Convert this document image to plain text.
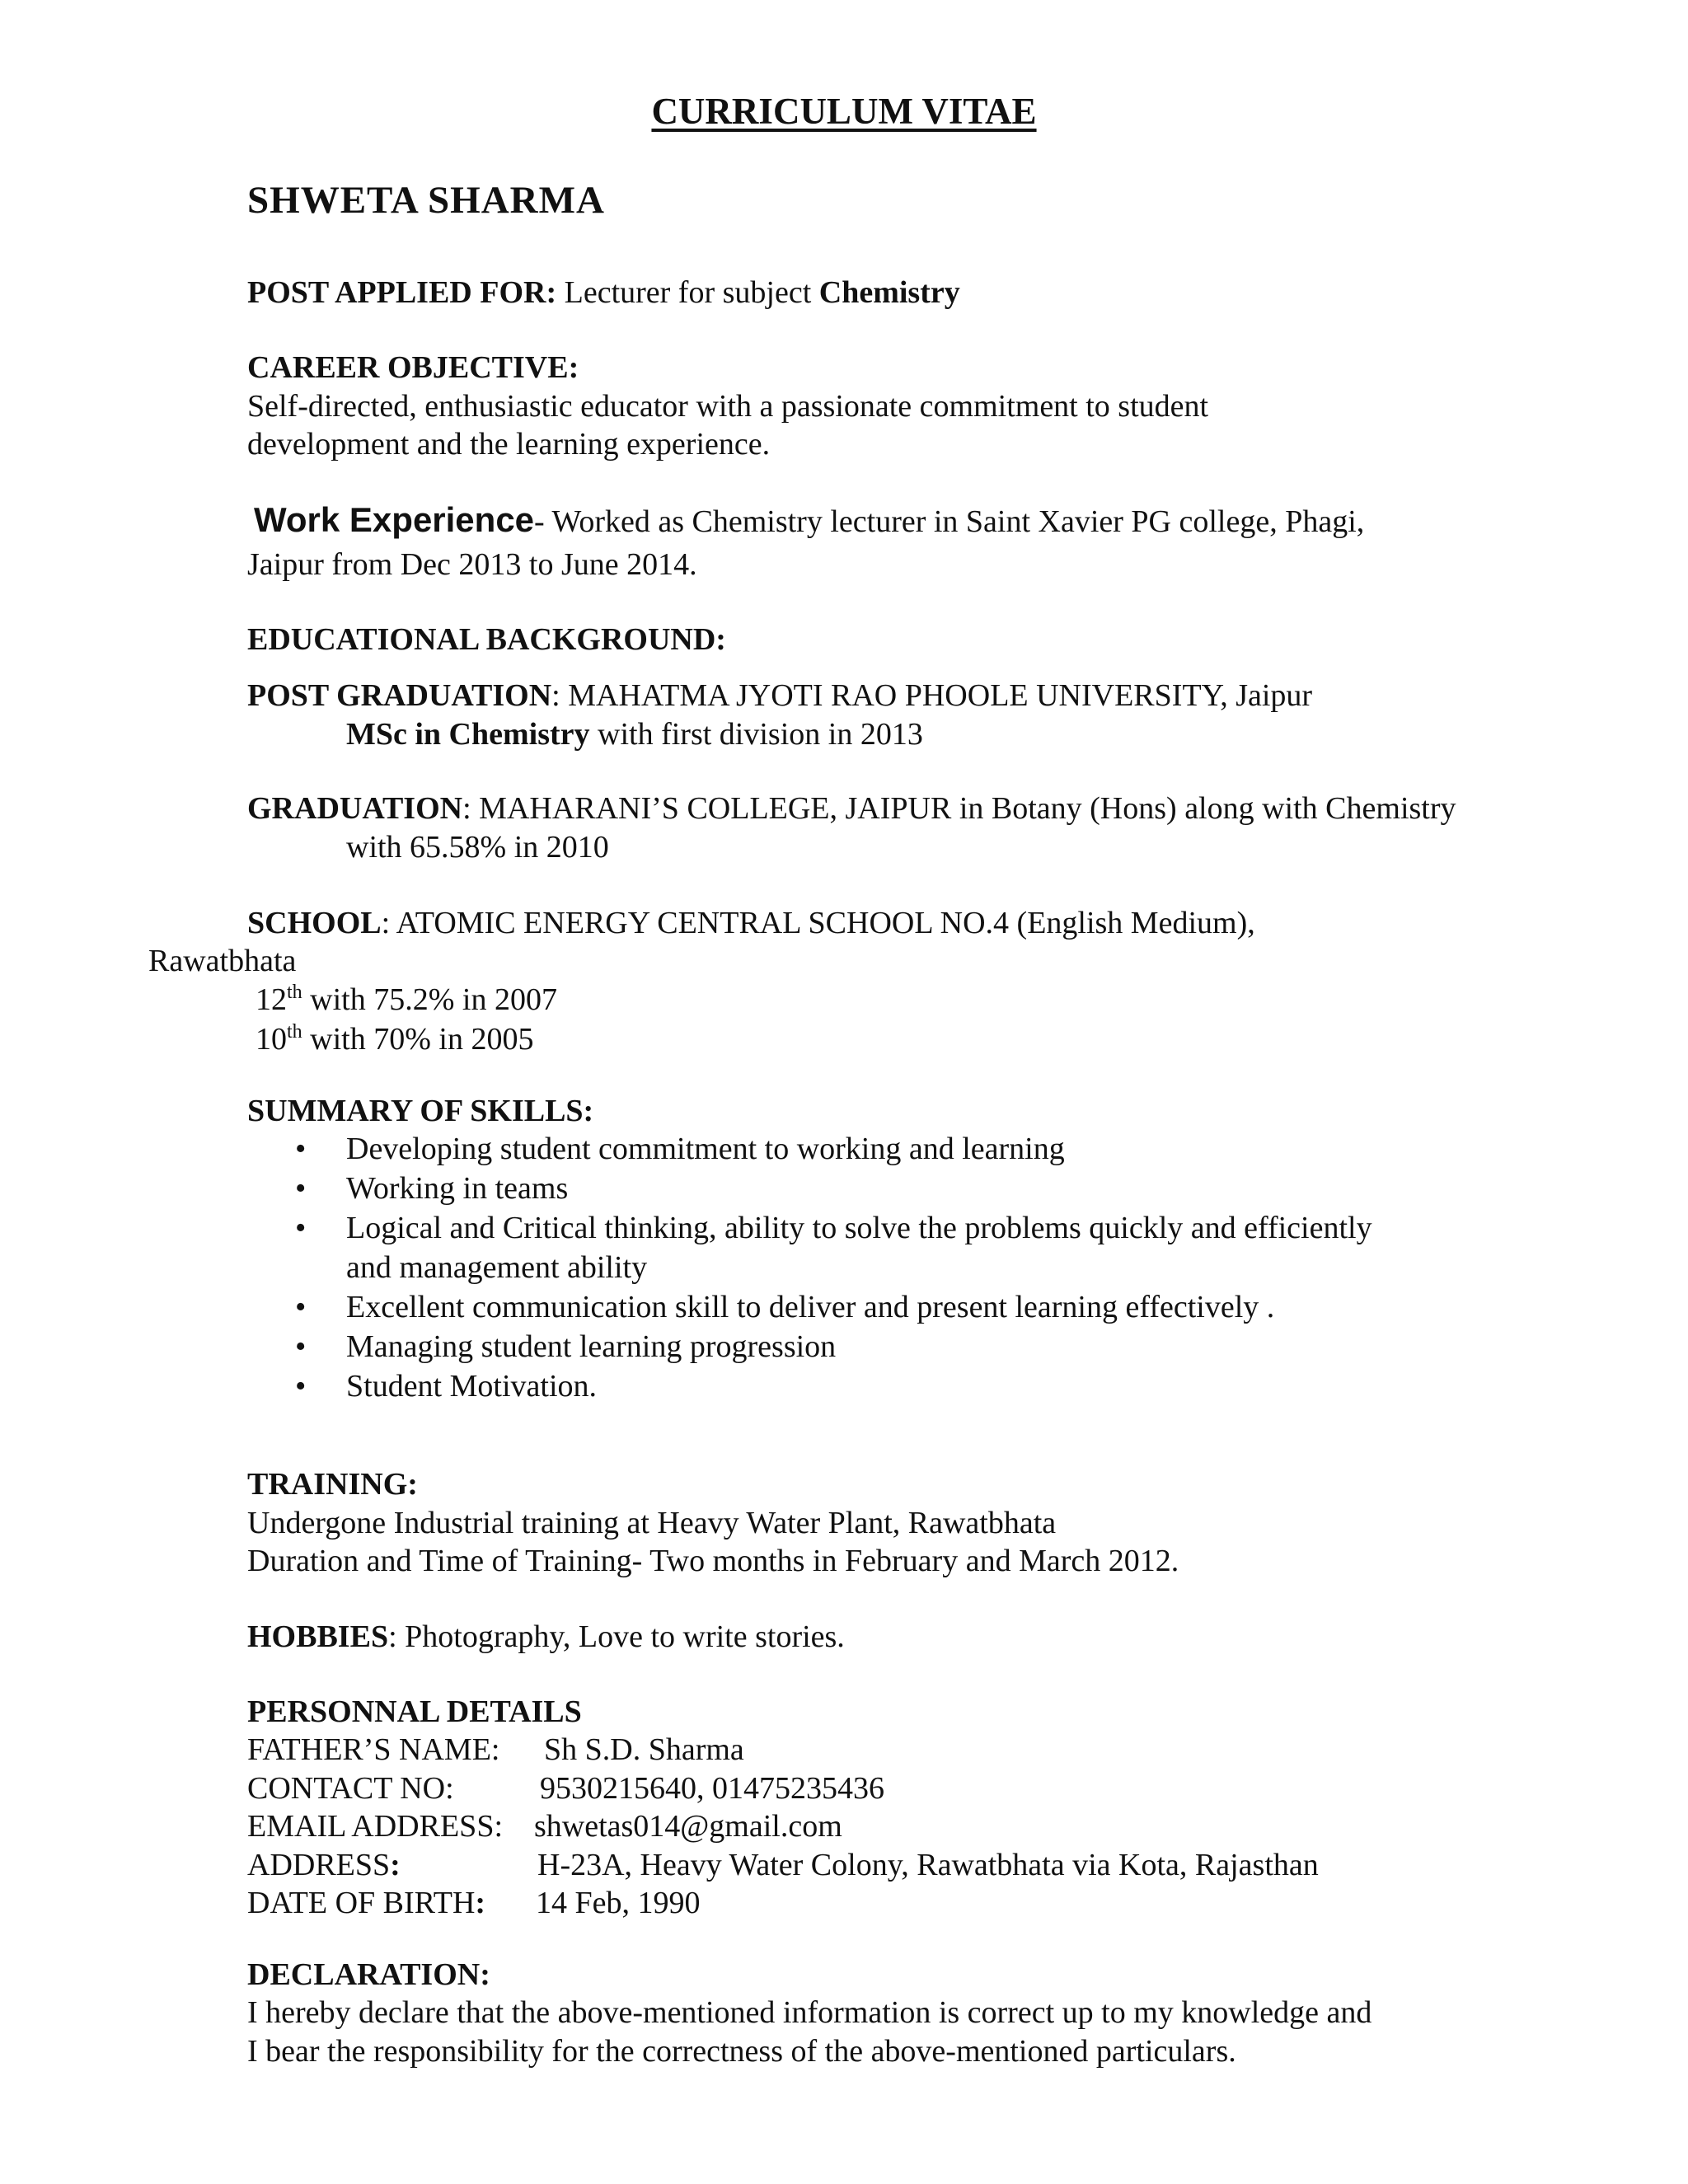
CURRICULUM VITAE
SHWETA SHARMA
POST APPLIED FOR: Lecturer for subject Chemistry
CAREER OBJECTIVE:
Self-directed, enthusiastic educator with a passionate commitment to student
development and the learning experience.
Work Experience- Worked as Chemistry lecturer in Saint Xavier PG college, Phagi,
Jaipur from Dec 2013 to June 2014.
EDUCATIONAL BACKGROUND:
POST GRADUATION: MAHATMA JYOTI RAO PHOOLE UNIVERSITY, Jaipur
MSc in Chemistry with first division in 2013
GRADUATION: MAHARANI’S COLLEGE, JAIPUR in Botany (Hons) along with Chemistry
with 65.58% in 2010
SCHOOL: ATOMIC ENERGY CENTRAL SCHOOL NO.4 (English Medium),
Rawatbhata
12th with 75.2% in 2007
10th with 70% in 2005
SUMMARY OF SKILLS:
• Developing student commitment to working and learning
• Working in teams
• Logical and Critical thinking, ability to solve the problems quickly and efficiently
and management ability
• Excellent communication skill to deliver and present learning effectively .
• Managing student learning progression
• Student Motivation.
TRAINING:
Undergone Industrial training at Heavy Water Plant, Rawatbhata
Duration and Time of Training- Two months in February and March 2012.
HOBBIES: Photography, Love to write stories.
PERSONNAL DETAILS
FATHER’S NAME: Sh S.D. Sharma
CONTACT NO:	9530215640, 01475235436
EMAIL ADDRESS: shwetas014@gmail.com
ADDRESS:	H-23A, Heavy Water Colony, Rawatbhata via Kota, Rajasthan
DATE OF BIRTH: 14 Feb, 1990
DECLARATION:
I hereby declare that the above-mentioned information is correct up to my knowledge and
I bear the responsibility for the correctness of the above-mentioned particulars.
